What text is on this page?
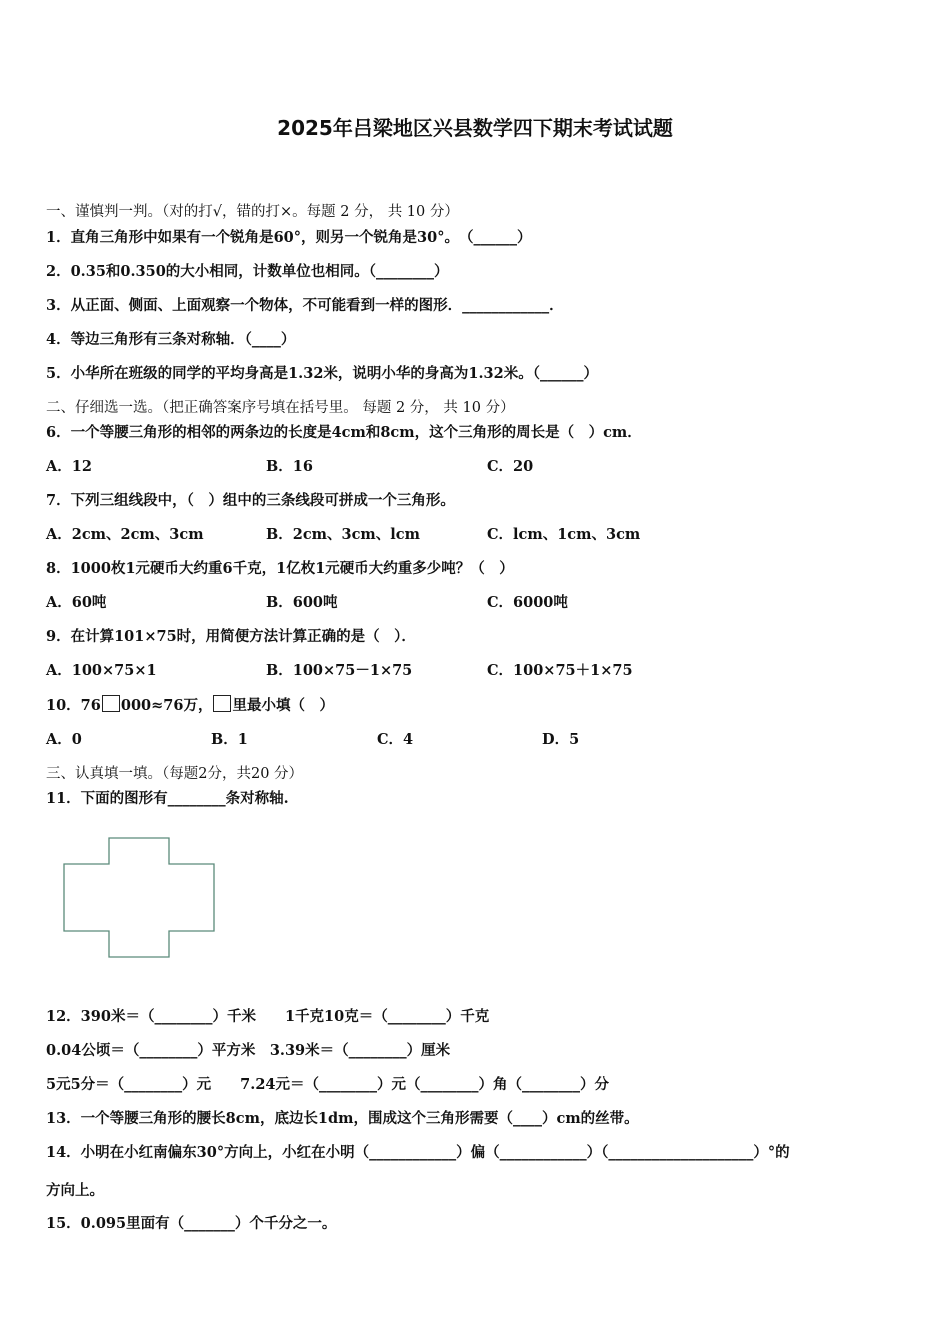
2025年吕梁地区兴县数学四下期末考试试题
一、谨慎判一判。（对的打√，错的打×。每题 2 分， 共 10 分）
1．直角三角形中如果有一个锐角是60°，则另一个锐角是30°。　（______）
2．0.35和0.350的大小相同，计数单位也相同。（________）
3．从正面、侧面、上面观察一个物体，不可能看到一样的图形．____________．
4．等边三角形有三条对称轴．（____）
5．小华所在班级的同学的平均身高是1.32米，说明小华的身高为1.32米。（______）
二、仔细选一选。（把正确答案序号填在括号里。 每题 2 分， 共 10 分）
6．一个等腰三角形的相邻的两条边的长度是4cm和8cm，这个三角形的周长是（　）cm．
A．12	B．16	C．20
7．下列三组线段中，（　）组中的三条线段可拼成一个三角形。
A．2cm、2cm、3cm	B．2cm、3cm、lcm	C．lcm、1cm、3cm
8．1000枚1元硬币大约重6千克，1亿枚1元硬币大约重多少吨？（　）
A．60吨	B．600吨	C．6000吨
9．在计算101×75时，用简便方法计算正确的是（　）．
A．100×75×1	B．100×75－1×75	C．100×75＋1×75
10．76 000≈76万， 里最小填（　）
A．0	B．1	C．4	D．5
三、认真填一填。（每题2分，共20 分）
11．下面的图形有________条对称轴.
12．390米＝（________）千米　　1千克10克＝（________）千克
0.04公顷＝（________）平方米　3.39米＝（________）厘米
5元5分＝（________）元　　7.24元＝（________）元（________）角（________）分
13．一个等腰三角形的腰长8cm，底边长1dm，围成这个三角形需要（____）cm的丝带。
14．小明在小红南偏东30°方向上，小红在小明（____________）偏（____________）（____________________）°的
方向上。
15．0.095里面有（_______）个千分之一。
